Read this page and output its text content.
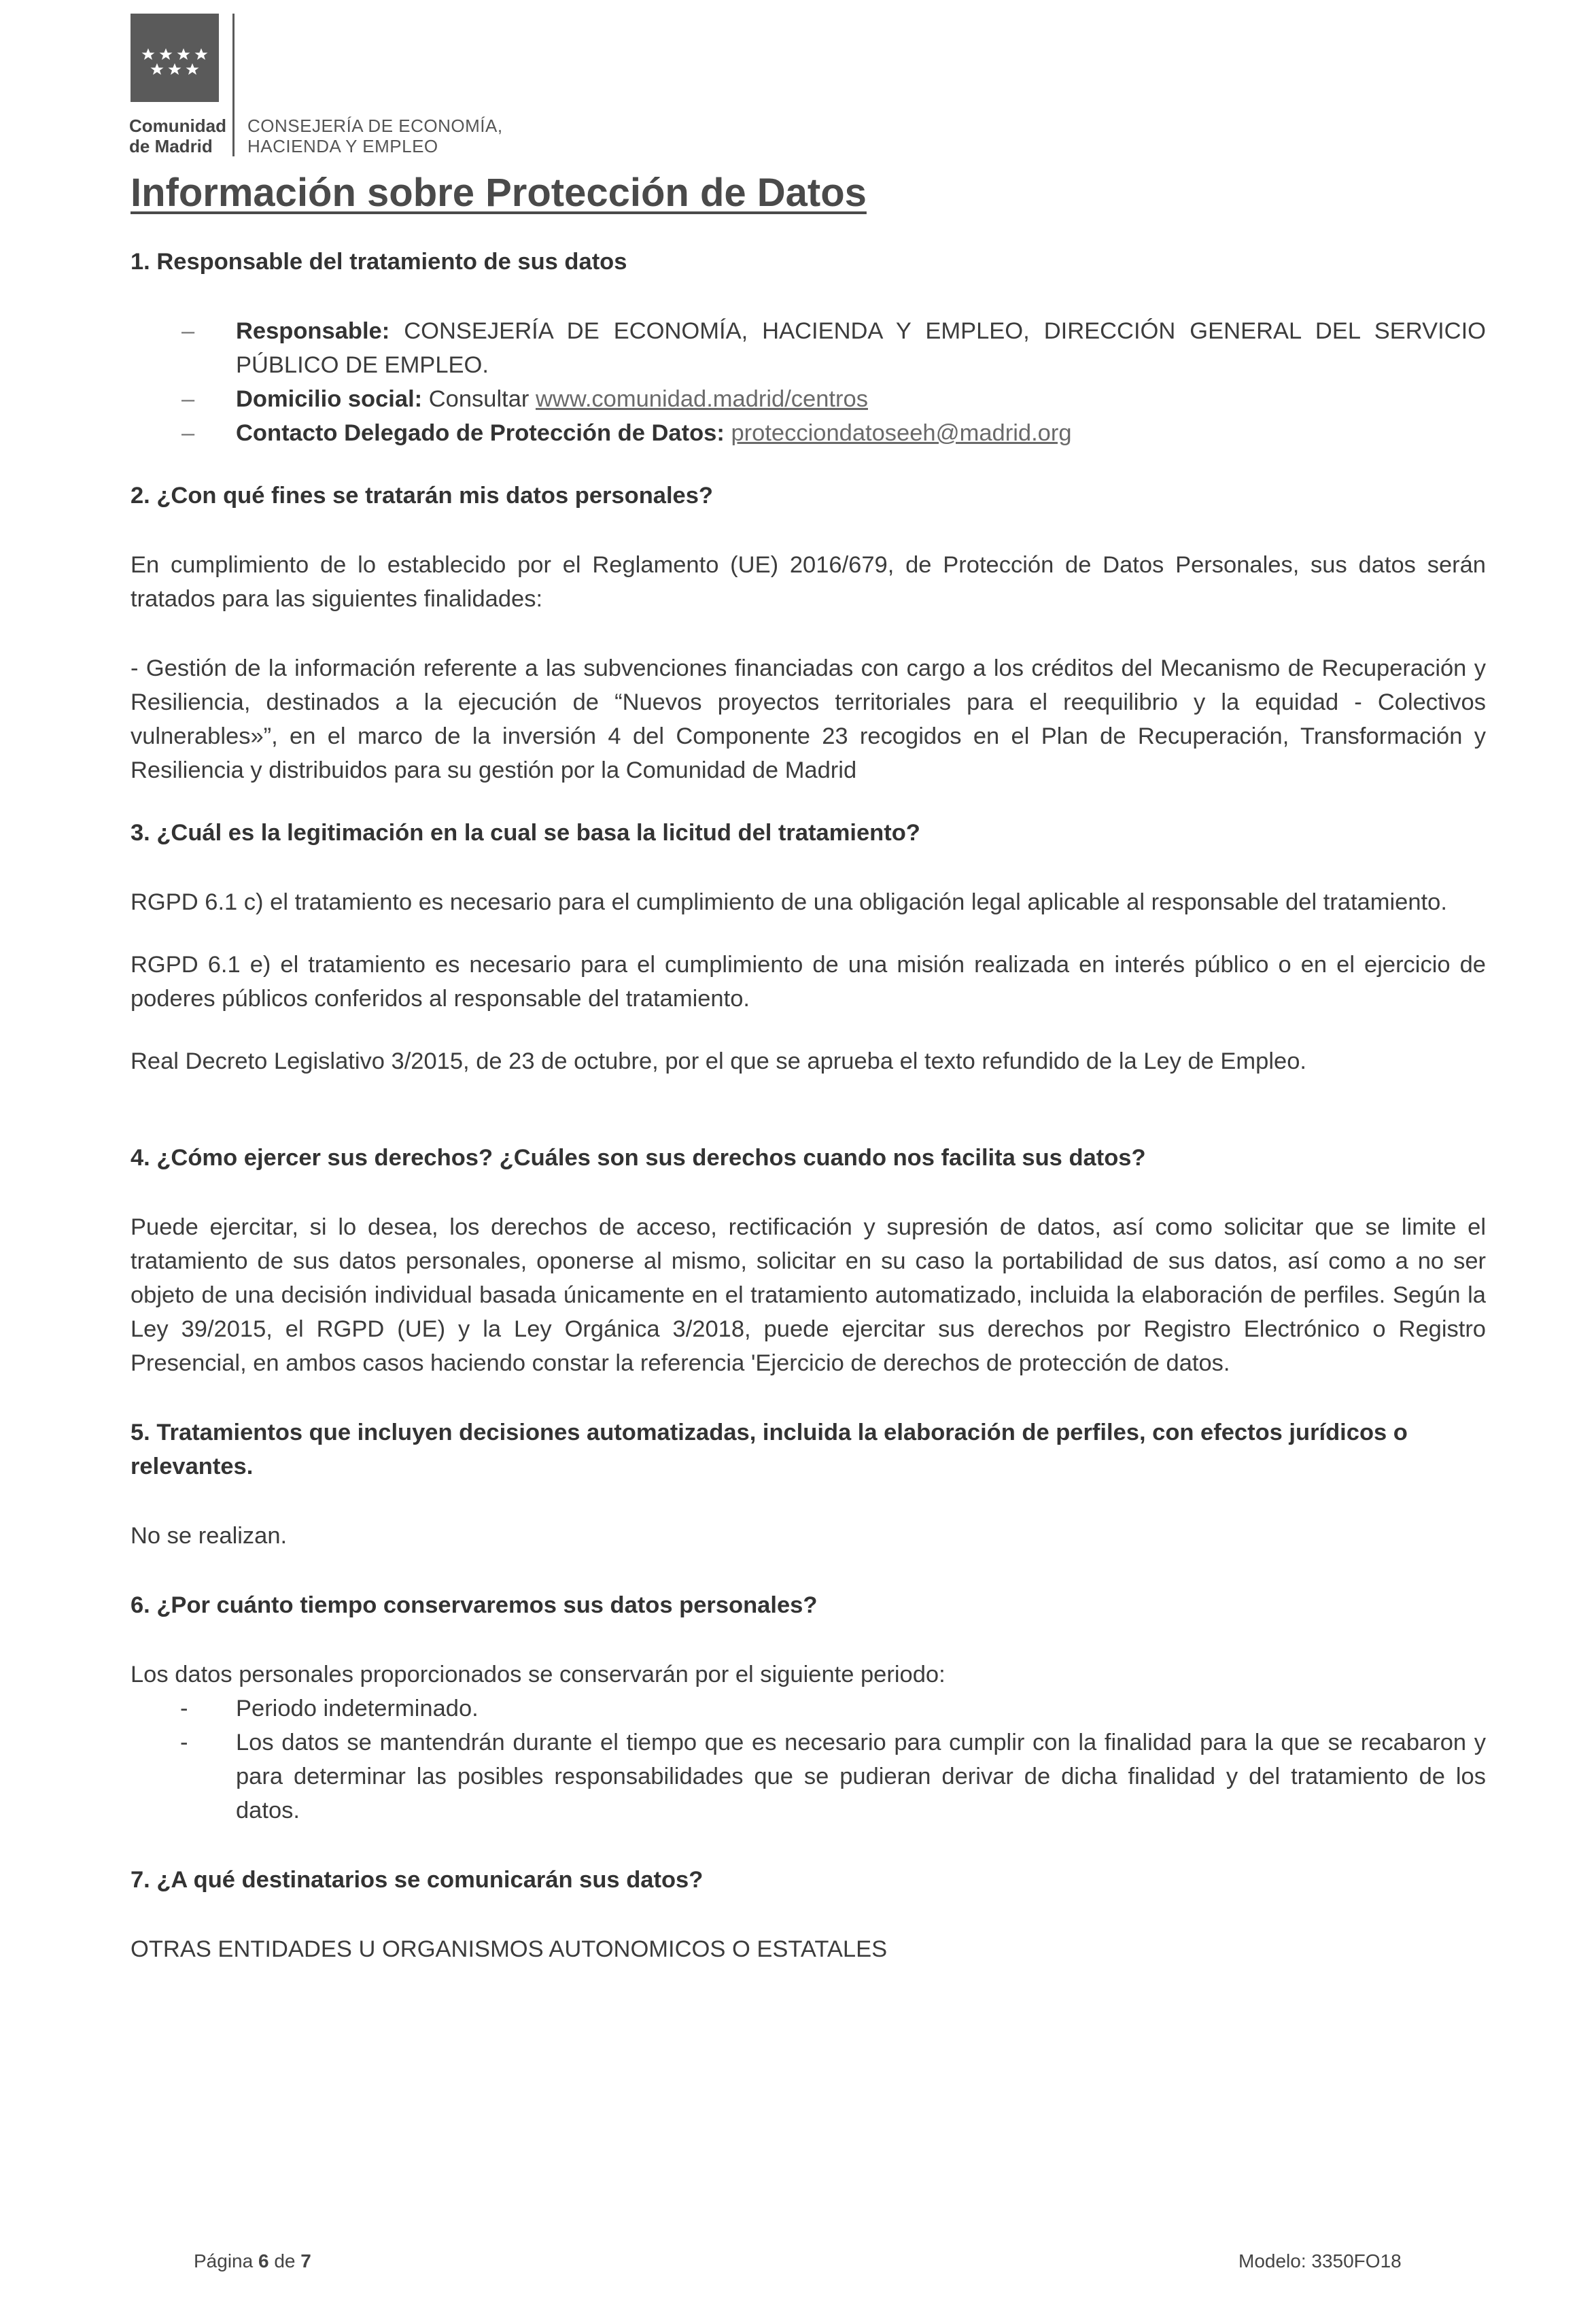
Comunidad
de Madrid
CONSEJERÍA DE ECONOMÍA,
HACIENDA Y EMPLEO
Información sobre Protección de Datos
1. Responsable del tratamiento de sus datos
– Responsable: CONSEJERÍA DE ECONOMÍA, HACIENDA Y EMPLEO, DIRECCIÓN GENERAL DEL SERVICIO PÚBLICO DE EMPLEO.
– Domicilio social: Consultar www.comunidad.madrid/centros
– Contacto Delegado de Protección de Datos: protecciondatoseeh@madrid.org
2. ¿Con qué fines se tratarán mis datos personales?

En cumplimiento de lo establecido por el Reglamento (UE) 2016/679, de Protección de Datos Personales, sus datos serán tratados para las siguientes finalidades:

- Gestión de la información referente a las subvenciones financiadas con cargo a los créditos del Mecanismo de Recuperación y Resiliencia, destinados a la ejecución de “Nuevos proyectos territoriales para el reequilibrio y la equidad - Colectivos vulnerables»”, en el marco de la inversión 4 del Componente 23 recogidos en el Plan de Recuperación, Transformación y Resiliencia y distribuidos para su gestión por la Comunidad de Madrid

3. ¿Cuál es la legitimación en la cual se basa la licitud del tratamiento?

RGPD 6.1 c) el tratamiento es necesario para el cumplimiento de una obligación legal aplicable al responsable del tratamiento.

RGPD 6.1 e) el tratamiento es necesario para el cumplimiento de una misión realizada en interés público o en el ejercicio de poderes públicos conferidos al responsable del tratamiento.

Real Decreto Legislativo 3/2015, de 23 de octubre, por el que se aprueba el texto refundido de la Ley de Empleo.

4. ¿Cómo ejercer sus derechos? ¿Cuáles son sus derechos cuando nos facilita sus datos?

Puede ejercitar, si lo desea, los derechos de acceso, rectificación y supresión de datos, así como solicitar que se limite el tratamiento de sus datos personales, oponerse al mismo, solicitar en su caso la portabilidad de sus datos, así como a no ser objeto de una decisión individual basada únicamente en el tratamiento automatizado, incluida la elaboración de perfiles. Según la Ley 39/2015, el RGPD (UE) y la Ley Orgánica 3/2018, puede ejercitar sus derechos por Registro Electrónico o Registro Presencial, en ambos casos haciendo constar la referencia 'Ejercicio de derechos de protección de datos.

5. Tratamientos que incluyen decisiones automatizadas, incluida la elaboración de perfiles, con efectos jurídicos o relevantes.

No se realizan.

6. ¿Por cuánto tiempo conservaremos sus datos personales?

Los datos personales proporcionados se conservarán por el siguiente periodo:

- Periodo indeterminado.
- Los datos se mantendrán durante el tiempo que es necesario para cumplir con la finalidad para la que se recabaron y para determinar las posibles responsabilidades que se pudieran derivar de dicha finalidad y del tratamiento de los datos.
7. ¿A qué destinatarios se comunicarán sus datos?

OTRAS ENTIDADES U ORGANISMOS AUTONOMICOS O ESTATALES

Página 6 de 7	Modelo: 3350FO18
